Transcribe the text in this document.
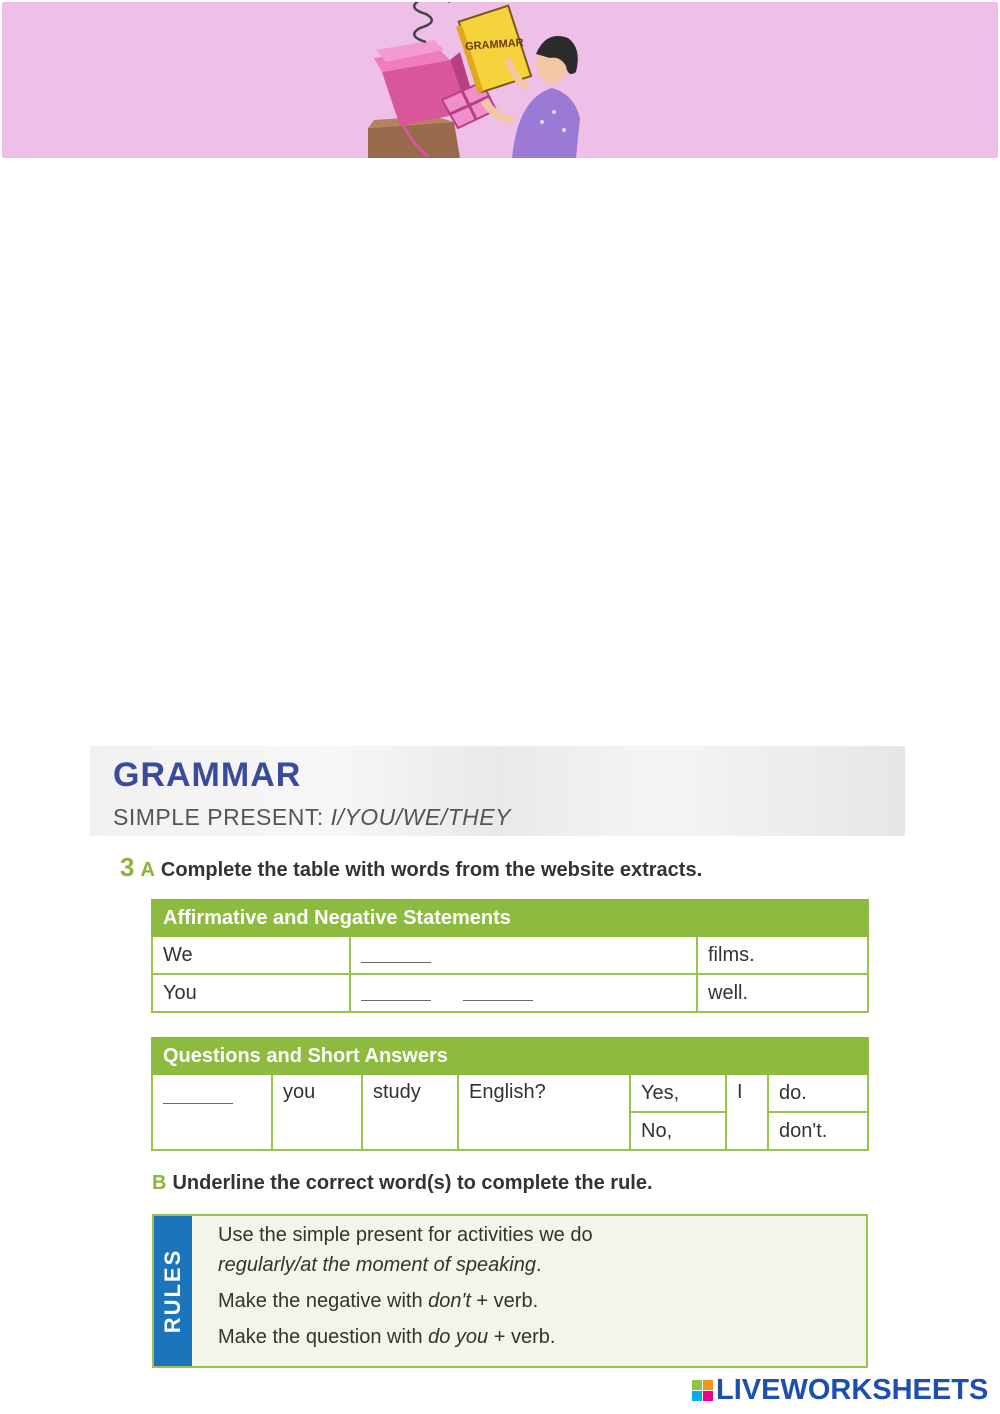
GRAMMAR
GRAMMAR
SIMPLE PRESENT: I/YOU/WE/THEY
3 A Complete the table with words from the website extracts.
Affirmative and Negative Statements		
We		films.
You		well.
Questions and Short Answers						
	you	study	English?	Yes,	I	do.
				No,		don't.
B Underline the correct word(s) to complete the rule.
RULES
Use the simple present for activities we do
regularly/at the moment of speaking.
Make the negative with don't + verb.
Make the question with do you + verb.
LIVEWORKSHEETS
